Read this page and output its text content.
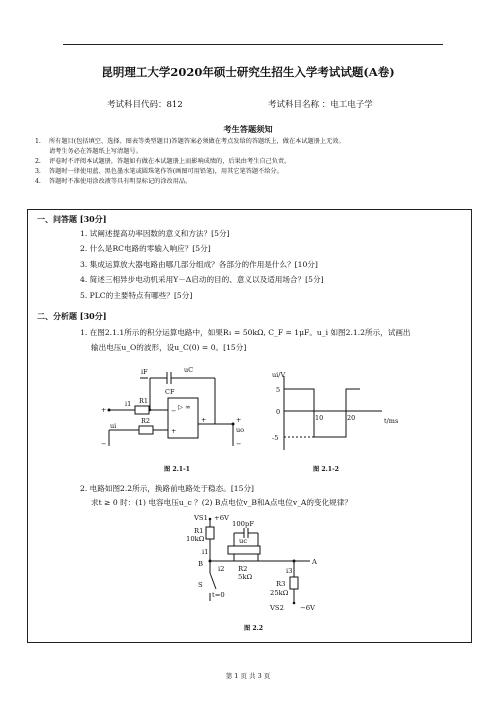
昆明理工大学2020年硕士研究生招生入学考试试题(A卷)
考试科目代码：812	考试科目名称 ：电工电子学
考生答题须知
1.	所有题目(包括填空、选择、图表等类型题目)答题答案必须做在考点发给的答题纸上，做在本试题册上无效。
请考生务必在答题纸上写清题号。
2.	评卷时不评阅本试题册，答题如有做在本试题册上而影响成绩的，后果由考生自己负责。
3.	答题时一律使用蓝、黑色墨水笔或圆珠笔作答(画图可用铅笔)，用其它笔答题不给分。
4.	答题时不准使用涂改液等具有明显标记的涂改用品。
一、问答题 [30分]
1. 试阐述提高功率因数的意义和方法？[5分]
2. 什么是RC电路的零输入响应？[5分]
3. 集成运算放大器电路由哪几部分组成？各部分的作用是什么？[10分]
4. 简述三相异步电动机采用Y－Δ启动的目的、意义以及适用场合？[5分]
5. PLC的主要特点有哪些？[5分]
二、分析题 [30分]
1. 在图2.1.1所示的积分运算电路中，如果R₁ = 50kΩ, C_F = 1μF。u_i 如图2.1.2所示，试画出
输出电压u_O的波形，设u_C(0) = 0。[15分]
iF	uC
CF
▷ ∞
−
+
+
i1 R1
R2
+
ui
−
+
uo
−
图 2.1-1
ui/V
5
0
-5
10	20	t/ms
图 2.1-2
2. 电路如图2.2所示，换路前电路处于稳态。[15分]
求t ≥ 0 时：(1) 电容电压u_c ？(2) B点电位v_B和A点电位v_A的变化规律？
VS1 +6V
100pF
R1
10kΩ
i1
uc
B
i2 R2
5kΩ
i3
A
S
t=0
R3
25kΩ
VS2 −6V
图 2.2
第 1 页 共 3 页
